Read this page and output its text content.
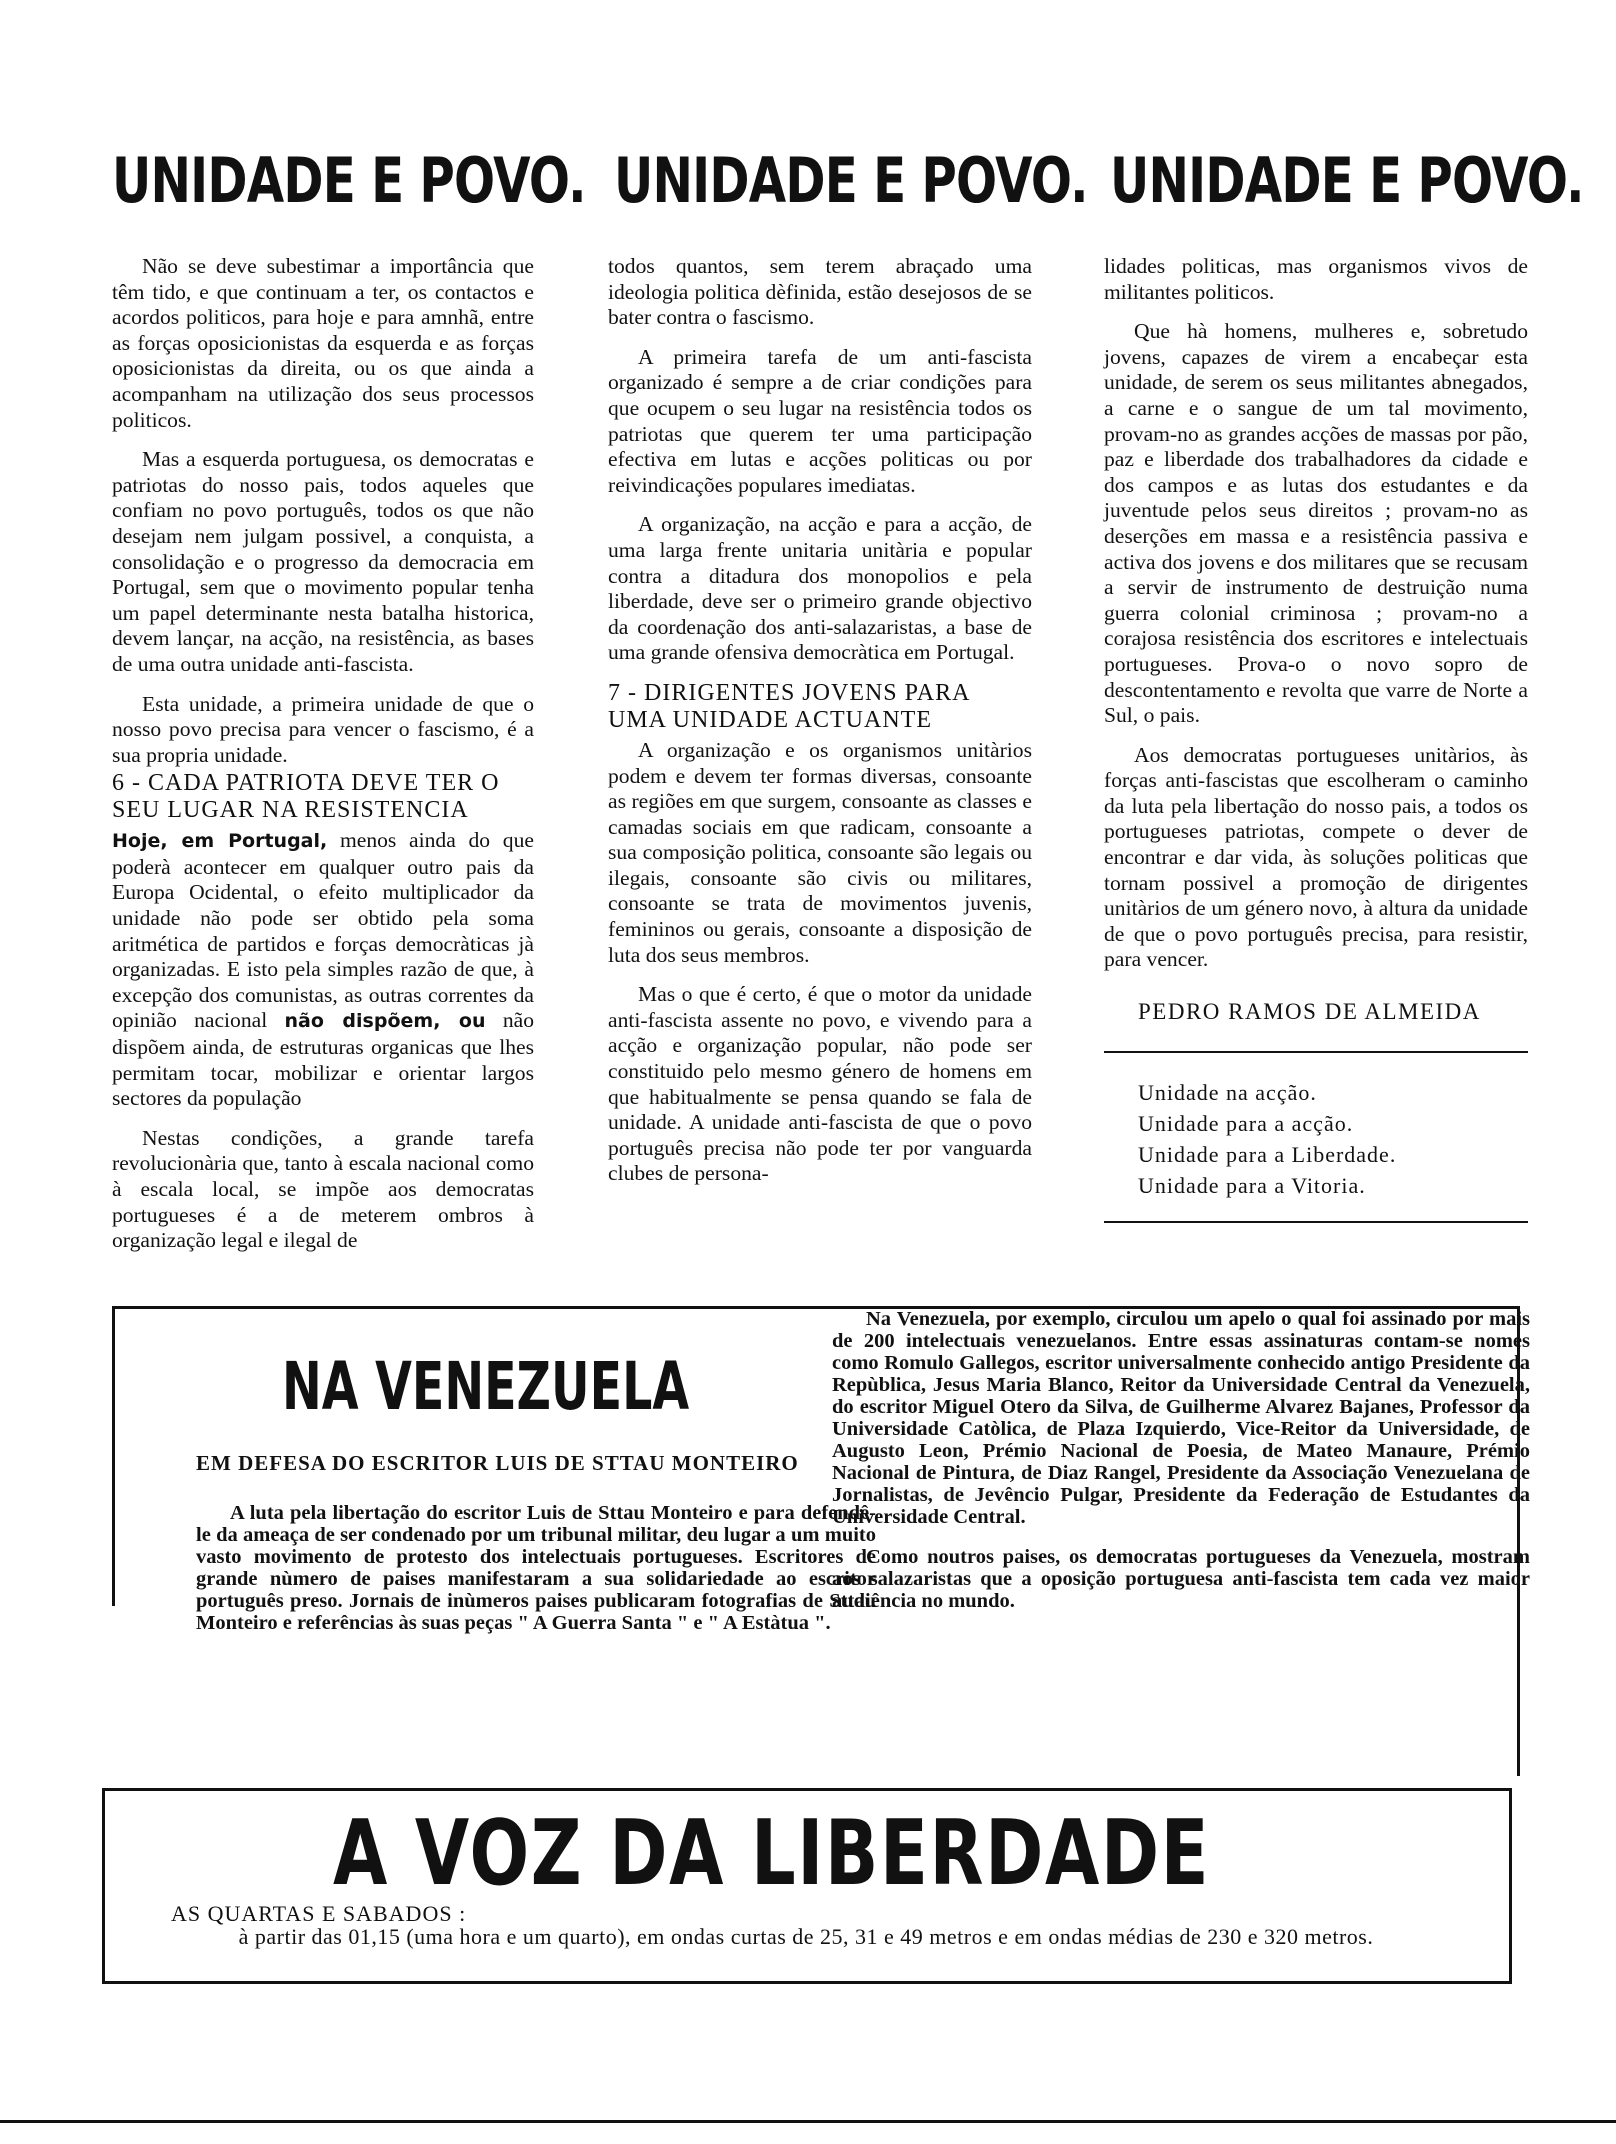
UNIDADE E POVO. UNIDADE E POVO. UNIDADE E POVO.

Não se deve subestimar a importância que têm tido, e que continuam a ter, os contactos e acordos politicos, para hoje e para amnhã, entre as forças oposicionistas da esquerda e as forças oposicionistas da direita, ou os que ainda a acompanham na utilização dos seus processos politicos.

Mas a esquerda portuguesa, os democratas e patriotas do nosso pais, todos aqueles que confiam no povo português, todos os que não desejam nem julgam possivel, a conquista, a consolidação e o progresso da democracia em Portugal, sem que o movimento popular tenha um papel determinante nesta batalha historica, devem lançar, na acção, na resistência, as bases de uma outra unidade anti-fascista.

Esta unidade, a primeira unidade de que o nosso povo precisa para vencer o fascismo, é a sua propria unidade.

6 - CADA PATRIOTA DEVE TER O SEU LUGAR NA RESISTENCIA

Hoje, em Portugal, menos ainda do que poderà acontecer em qualquer outro pais da Europa Ocidental, o efeito multiplicador da unidade não pode ser obtido pela soma aritmética de partidos e forças democràticas jà organizadas. E isto pela simples razão de que, à excepção dos comunistas, as outras correntes da opinião nacional não dispõem, ou não dispõem ainda, de estruturas organicas que lhes permitam tocar, mobilizar e orientar largos sectores da população

Nestas condições, a grande tarefa revolucionària que, tanto à escala nacional como à escala local, se impõe aos democratas portugueses é a de meterem ombros à organização legal e ilegal de

todos quantos, sem terem abraçado uma ideologia politica dèfinida, estão desejosos de se bater contra o fascismo.

A primeira tarefa de um anti-fascista organizado é sempre a de criar condições para que ocupem o seu lugar na resistência todos os patriotas que querem ter uma participação efectiva em lutas e acções politicas ou por reivindicações populares imediatas.

A organização, na acção e para a acção, de uma larga frente unitaria unitària e popular contra a ditadura dos monopolios e pela liberdade, deve ser o primeiro grande objectivo da coordenação dos anti-salazaristas, a base de uma grande ofensiva democràtica em Portugal.

7 - DIRIGENTES JOVENS PARA UMA UNIDADE ACTUANTE

A organização e os organismos unitàrios podem e devem ter formas diversas, consoante as regiões em que surgem, consoante as classes e camadas sociais em que radicam, consoante a sua composição politica, consoante são legais ou ilegais, consoante são civis ou militares, consoante se trata de movimentos juvenis, femininos ou gerais, consoante a disposição de luta dos seus membros.

Mas o que é certo, é que o motor da unidade anti-fascista assente no povo, e vivendo para a acção e organização popular, não pode ser constituido pelo mesmo género de homens em que habitualmente se pensa quando se fala de unidade. A unidade anti-fascista de que o povo português precisa não pode ter por vanguarda clubes de persona-

lidades politicas, mas organismos vivos de militantes politicos.

Que hà homens, mulheres e, sobretudo jovens, capazes de virem a encabeçar esta unidade, de serem os seus militantes abnegados, a carne e o sangue de um tal movimento, provam-no as grandes acções de massas por pão, paz e liberdade dos trabalhadores da cidade e dos campos e as lutas dos estudantes e da juventude pelos seus direitos ; provam-no as deserções em massa e a resistência passiva e activa dos jovens e dos militares que se recusam a servir de instrumento de destruição numa guerra colonial criminosa ; provam-no a corajosa resistência dos escritores e intelectuais portugueses. Prova-o o novo sopro de descontentamento e revolta que varre de Norte a Sul, o pais.

Aos democratas portugueses unitàrios, às forças anti-fascistas que escolheram o caminho da luta pela libertação do nosso pais, a todos os portugueses patriotas, compete o dever de encontrar e dar vida, às soluções politicas que tornam possivel a promoção de dirigentes unitàrios de um género novo, à altura da unidade de que o povo português precisa, para resistir, para vencer.

PEDRO RAMOS DE ALMEIDA
Unidade na acção.
Unidade para a acção.
Unidade para a Liberdade.
Unidade para a Vitoria.
NA VENEZUELA
EM DEFESA DO ESCRITOR LUIS DE STTAU MONTEIRO

A luta pela libertação do escritor Luis de Sttau Monteiro e para defendê-le da ameaça de ser condenado por um tribunal militar, deu lugar a um muito vasto movimento de protesto dos intelectuais portugueses. Escritores de grande nùmero de paises manifestaram a sua solidariedade ao escritor português preso. Jornais de inùmeros paises publicaram fotografias de Sttau Monteiro e referências às suas peças " A Guerra Santa " e " A Estàtua ".

Na Venezuela, por exemplo, circulou um apelo o qual foi assinado por mais de 200 intelectuais venezuelanos. Entre essas assinaturas contam-se nomes como Romulo Gallegos, escritor universalmente conhecido antigo Presidente da Repùblica, Jesus Maria Blanco, Reitor da Universidade Central da Venezuela, do escritor Miguel Otero da Silva, de Guilherme Alvarez Bajanes, Professor da Universidade Catòlica, de Plaza Izquierdo, Vice-Reitor da Universidade, de Augusto Leon, Prémio Nacional de Poesia, de Mateo Manaure, Prémio Nacional de Pintura, de Diaz Rangel, Presidente da Associação Venezuelana de Jornalistas, de Jevêncio Pulgar, Presidente da Federação de Estudantes da Universidade Central.

Como noutros paises, os democratas portugueses da Venezuela, mostram aos salazaristas que a oposição portuguesa anti-fascista tem cada vez maior audiência no mundo.

A VOZ DA LIBERDADE
AS QUARTAS E SABADOS :
à partir das 01,15 (uma hora e um quarto), em ondas curtas de 25, 31 e 49 metros e em ondas médias de 230 e 320 metros.
